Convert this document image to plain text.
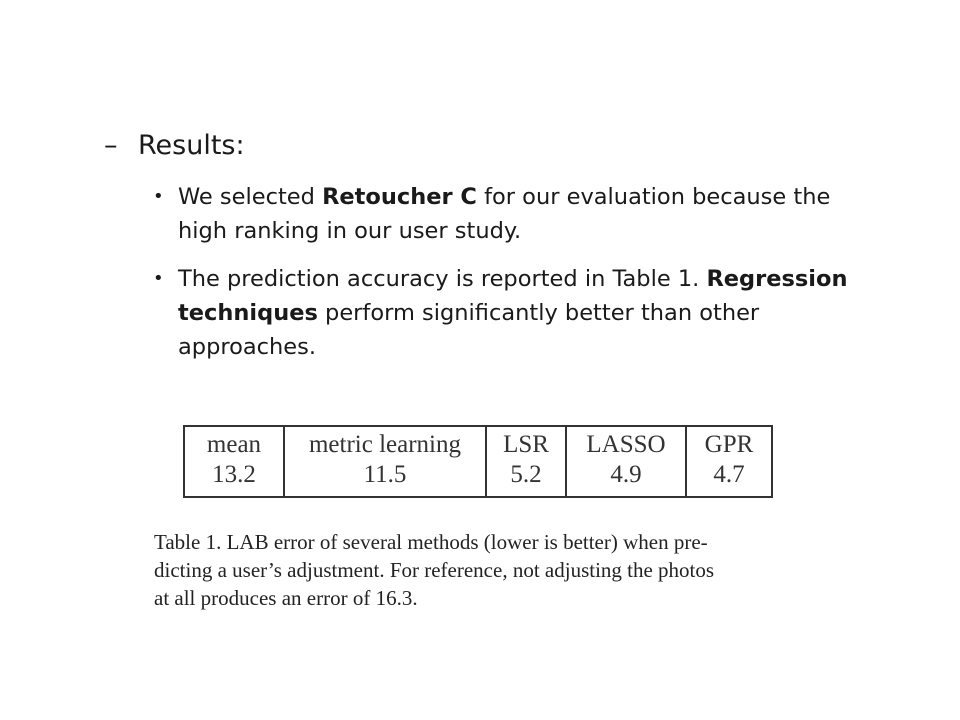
– Results:
• We selected Retoucher C for our evaluation because the high ranking in our user study.
• The prediction accuracy is reported in Table 1. Regression techniques perform significantly better than other approaches.
mean	metric learning	LSR	LASSO	GPR
13.2	11.5	5.2	4.9	4.7
Table 1. LAB error of several methods (lower is better) when pre-
dicting a user’s adjustment. For reference, not adjusting the photos
at all produces an error of 16.3.
